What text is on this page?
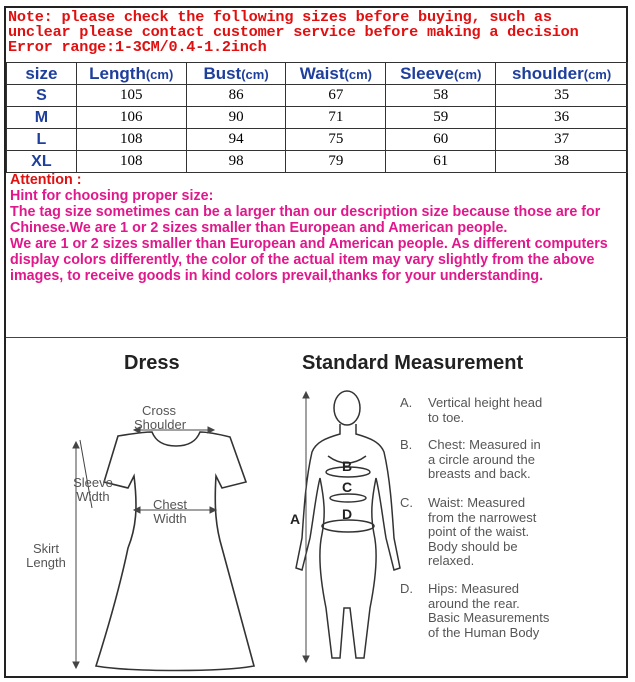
Note: please check the following sizes before buying, such as
unclear please contact customer service before making a decision
Error range:1-3CM/0.4-1.2inch
size	Length(cm)	Bust(cm)	Waist(cm)	Sleeve(cm)	shoulder(cm)
S	105	86	67	58	35
M	106	90	71	59	36
L	108	94	75	60	37
XL	108	98	79	61	38

Attention :

Hint for choosing proper size:

The tag size sometimes can be a larger than our description size because those are for Chinese.We are 1 or 2 sizes smaller than European and American people.

We are 1 or 2 sizes smaller than European and American people. As different computers display colors differently, the color of the actual item may vary slightly from the above images, to receive goods in kind colors prevail,thanks for your understanding.

Dress	Standard Measurement
Cross
Shoulder
Sleeve
Width
Chest
Width
Skirt
Length
A
B
C
D
A. Vertical height head
to toe.
B. Chest: Measured in
a circle around the
breasts and back.
C. Waist: Measured
from the narrowest
point of the waist.
Body should be
relaxed.
D. Hips: Measured
around the rear.
Basic Measurements
of the Human Body
